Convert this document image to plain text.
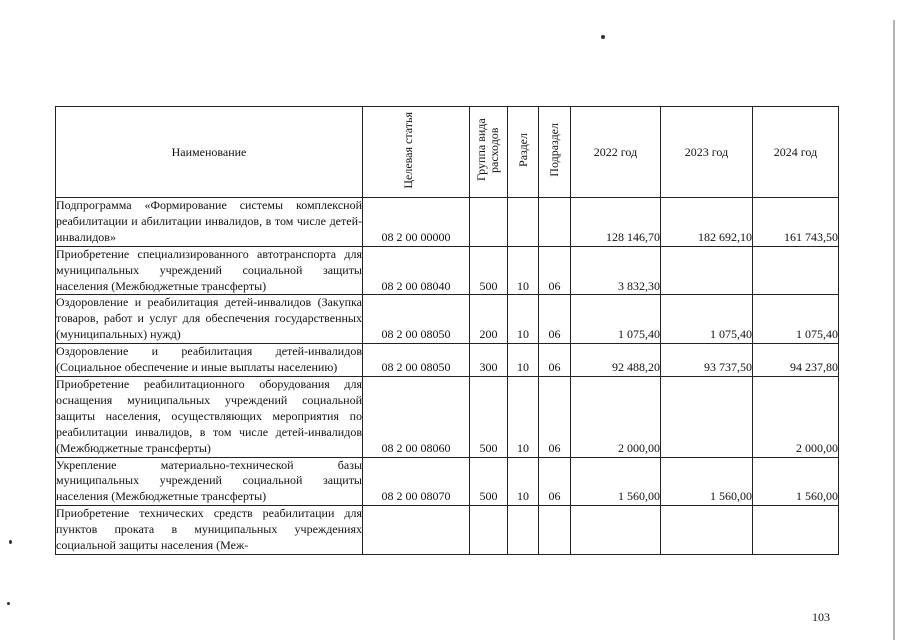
Наименование	Целевая статья	Группа вида расходов	Раздел	Подраздел	2022 год	2023 год	2024 год
Подпрограмма «Формирование системы комплексной реабилитации и абилитации инвалидов, в том числе детей-инвалидов»	08 2 00 00000				128 146,70	182 692,10	161 743,50
Приобретение специализированного автотранспорта для муниципальных учреждений социальной защиты населения (Межбюджетные трансферты)	08 2 00 08040	500	10	06	3 832,30		
Оздоровление и реабилитация детей-инвалидов (Закупка товаров, работ и услуг для обеспечения государственных (муниципальных) нужд)	08 2 00 08050	200	10	06	1 075,40	1 075,40	1 075,40
Оздоровление и реабилитация детей-инвалидов (Социальное обеспечение и иные выплаты населению)	08 2 00 08050	300	10	06	92 488,20	93 737,50	94 237,80
Приобретение реабилитационного оборудования для оснащения муниципальных учреждений социальной защиты населения, осуществляющих мероприятия по реабилитации инвалидов, в том числе детей-инвалидов (Межбюджетные трансферты)	08 2 00 08060	500	10	06	2 000,00		2 000,00
Укрепление материально-технической базы муниципальных учреждений социальной защиты населения (Межбюджетные трансферты)	08 2 00 08070	500	10	06	1 560,00	1 560,00	1 560,00
Приобретение технических средств реабилитации для пунктов проката в муниципальных учреждениях социальной защиты населения (Меж-							
103
